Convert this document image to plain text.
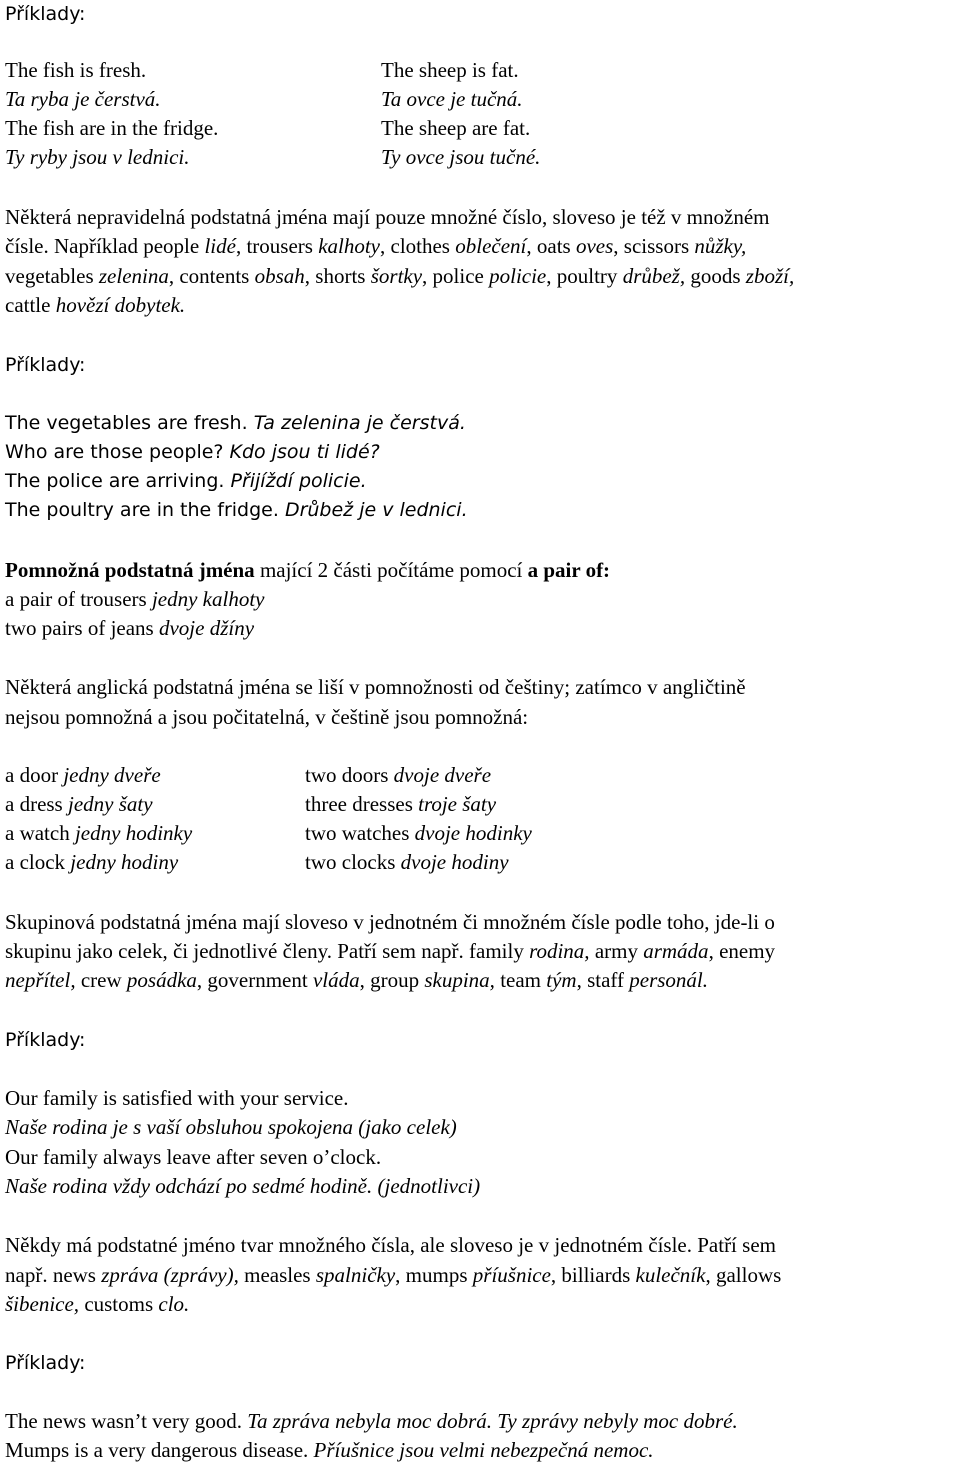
Příklady:
The fish is fresh.
Ta ryba je čerstvá.
The fish are in the fridge.
Ty ryby jsou v lednici.
The sheep is fat.
Ta ovce je tučná.
The sheep are fat.
Ty ovce jsou tučné.
Některá nepravidelná podstatná jména mají pouze množné číslo, sloveso je též v množném
čísle. Například people lidé, trousers kalhoty, clothes oblečení, oats oves, scissors nůžky,
vegetables zelenina, contents obsah, shorts šortky, police policie, poultry drůbež, goods zboží,
cattle hovězí dobytek.
Příklady:
The vegetables are fresh. Ta zelenina je čerstvá.
Who are those people? Kdo jsou ti lidé?
The police are arriving. Přijíždí policie.
The poultry are in the fridge. Drůbež je v lednici.
Pomnožná podstatná jména mající 2 části počítáme pomocí a pair of:
a pair of trousers jedny kalhoty
two pairs of jeans dvoje džíny
Některá anglická podstatná jména se liší v pomnožnosti od češtiny; zatímco v angličtině
nejsou pomnožná a jsou počitatelná, v češtině jsou pomnožná:
a door jedny dveře
a dress jedny šaty
a watch jedny hodinky
a clock jedny hodiny
two doors dvoje dveře
three dresses troje šaty
two watches dvoje hodinky
two clocks dvoje hodiny
Skupinová podstatná jména mají sloveso v jednotném či množném čísle podle toho, jde-li o
skupinu jako celek, či jednotlivé členy. Patří sem např. family rodina, army armáda, enemy
nepřítel, crew posádka, government vláda, group skupina, team tým, staff personál.
Příklady:
Our family is satisfied with your service.
Naše rodina je s vaší obsluhou spokojena (jako celek)
Our family always leave after seven o’clock.
Naše rodina vždy odchází po sedmé hodině. (jednotlivci)
Někdy má podstatné jméno tvar množného čísla, ale sloveso je v jednotném čísle. Patří sem
např. news zpráva (zprávy), measles spalničky, mumps příušnice, billiards kulečník, gallows
šibenice, customs clo.
Příklady:
The news wasn’t very good. Ta zpráva nebyla moc dobrá. Ty zprávy nebyly moc dobré.
Mumps is a very dangerous disease. Příušnice jsou velmi nebezpečná nemoc.
